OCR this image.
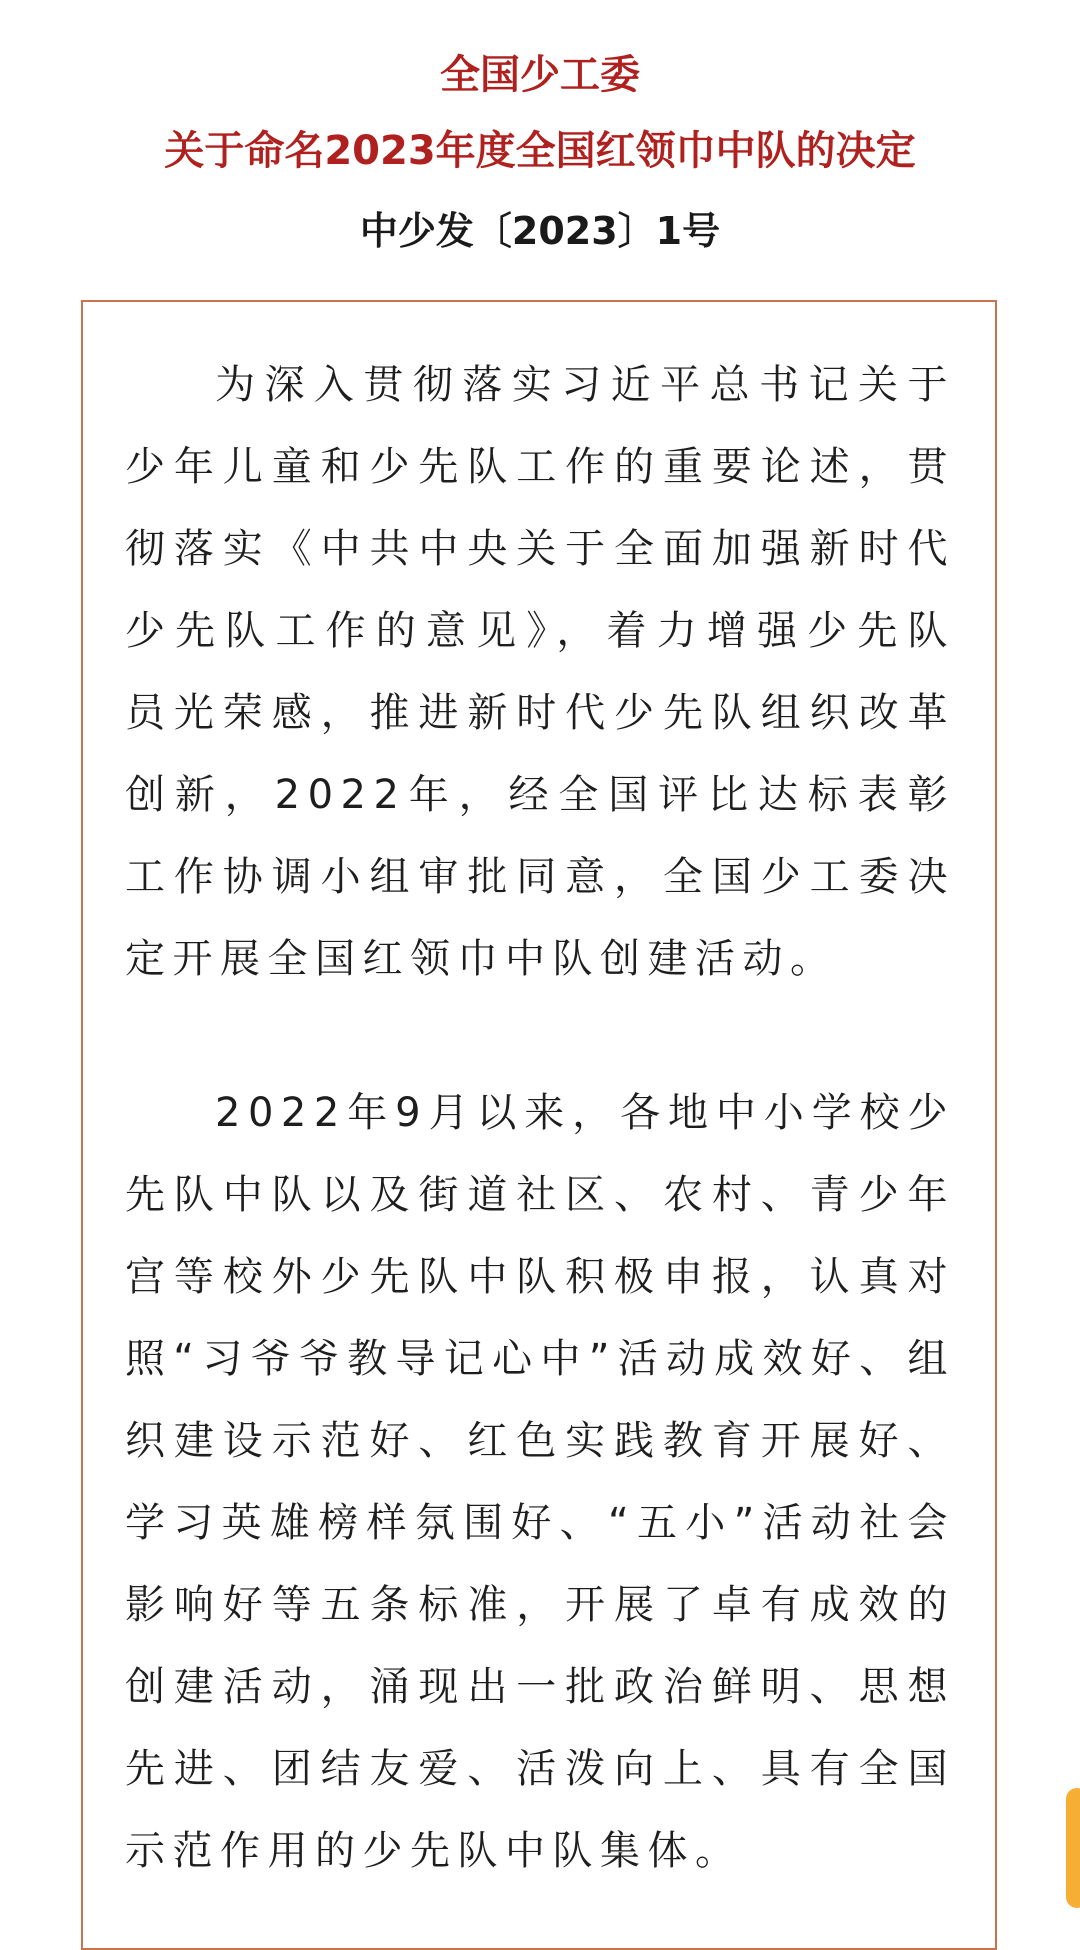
全国少工委
关于命名2023年度全国红领巾中队的决定
中少发〔2023〕1号

为深入贯彻落实习近平总书记关于少年儿童和少先队工作的重要论述，贯彻落实《中共中央关于全面加强新时代少先队工作的意见》，着力增强少先队员光荣感，推进新时代少先队组织改革创新，2022年，经全国评比达标表彰工作协调小组审批同意，全国少工委决定开展全国红领巾中队创建活动。

2022年9月以来，各地中小学校少先队中队以及街道社区、农村、青少年宫等校外少先队中队积极申报，认真对照“习爷爷教导记心中”活动成效好、组织建设示范好、红色实践教育开展好、学习英雄榜样氛围好、“五小”活动社会影响好等五条标准，开展了卓有成效的创建活动，涌现出一批政治鲜明、思想先进、团结友爱、活泼向上、具有全国示范作用的少先队中队集体。
